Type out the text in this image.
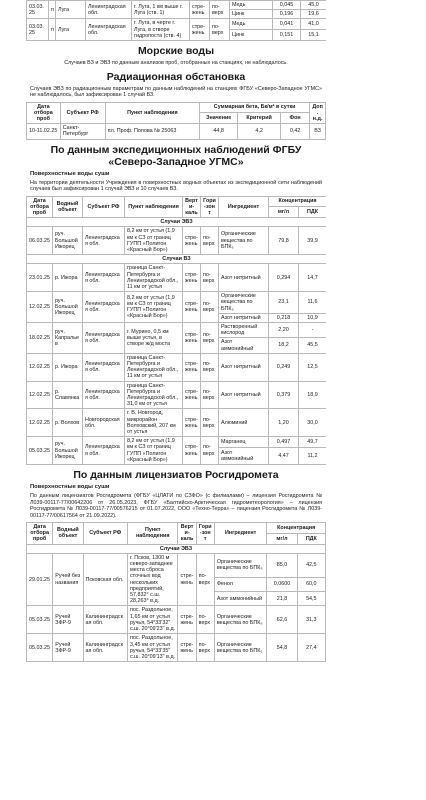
03.03.25	п	Луга	Ленинградская обл.	г. Луга, 1 км выше г. Луга (ств. 1)	стре-жень	по-верх	Медь	0,045	45,0
							Цинк	0,196	19,6
03.03.25	п	Луга	Ленинградская обл.	г. Луга, в черте г. Луга, в створе гидропоста (ств. 4)	стре-жень	по-верх	Медь	0,041	41,0
							Цинк	0,151	15,1
Морские воды
Случаев ВЗ и ЭВЗ по данным анализов проб, отобранных на станциях, не наблюдалось.
Радиационная обстановка
Случаев ЭВЗ по радиационным параметрам по данным наблюдений на станциях ФГБУ «Северо-Западное УГМС» не наблюдалось, был зафиксирован 1 случай ВЗ.
Дата отбора проб	Субъект РФ	Пункт наблюдения	Суммарная бета, Бк/м² в сутки			Доп. н.д.
			Значение	Критерий	Фон	
10-11.02.25	Санкт-Петербург	пл. Проф. Попова № 25063	44,8	4,2	0,42	ВЗ
По данным экспедиционных наблюдений ФГБУ «Северо-Западное УГМС»
Поверхностные воды суши
На территории деятельности Учреждения в поверхностных водных объектах из экспедиционной сети наблюдений случаев был зафиксирован 1 случай ЭВЗ и 10 случаев ВЗ.
Дата отбора проб	Водный объект	Субъект РФ	Пункт наблюдения	Верти-каль	Гори-зонт	Ингредиент	Концентрация	
							мг/л	ПДК
Случаи ЭВЗ								
06.03.25	руч. Большой Ижорец	Ленинградская обл.	8,2 км от устья (1,9 км к СЗ от границ ГУПП «Полигон «Красный Бор»)	стре-жень	по-верх	Органические вещества по БПК₅	79,8	39,9
Случаи ВЗ								
23.01.25	р. Ижора	Ленинградская обл.	граница Санкт-Петербурга и Ленинградской обл., 11 км от устья	стре-жень	по-верх	Азот нитритный	0,294	14,7
12.02.25	руч. Большой Ижорец	Ленинградская обл.	8,2 км от устья (1,9 км к СЗ от границ ГУПП «Полигон «Красный Бор»)	стре-жень	по-верх	Органические вещества по БПК₅	23,1	11,6
						Азот нитритный	0,218	10,9
18.02.25	руч. Капральев	Ленинградская обл.	г. Мурино, 0,5 км выше устья, в створе ж/д моста	стре-жень	по-верх	Растворенный кислород	2,20	-
						Азот аммонийный	18,2	45,5
12.02.25	р. Ижора	Ленинградская обл.	граница Санкт-Петербурга и Ленинградской обл., 11 км от устья	стре-жень	по-верх	Азот нитритный	0,249	12,5
12.02.25	р. Славянка	Ленинградская обл.	граница Санкт-Петербурга и Ленинградской обл., 31,0 км от устья	стре-жень	по-верх	Азот нитритный	0,379	18,9
12.02.25	р. Волхов	Новгородская обл.	г. В. Новгород, микрорайон Волховский, 207 км от устья	стре-жень	по-верх	Алюминий	1,20	30,0
05.03.25	руч. Большой Ижорец	Ленинградская обл.	8,2 км от устья (1,9 км к СЗ от границ ГУПП «Полигон «Красный Бор»)	стре-жень	по-верх	Марганец	0,497	49,7
						Азот аммонийный	4,47	11,2
По данным лицензиатов Росгидромета
Поверхностные воды суши
По данным лицензиатов Росгидромета (ФГБУ «ЦЛАТИ по СЗФО» (с филиалами) – лицензия Росгидромета № Л039-00117-77/00642206 от 26.05.2023, ФГБУ «Балтийско-Арктическая гидрометеорология» – лицензия Росгидромета № Л039-00117-77/00576215 от 01.07.2022, ООО «Техно-Терра» – лицензия Росгидромета № Л039-00117-77/00617564 от 21.09.2022).
Дата отбора проб	Водный объект	Субъект РФ	Пункт наблюдения	Верти-каль	Гори-зонт	Ингредиент	Концентрация	
							мг/л	ПДК
Случаи ЭВЗ								
29.01.25	Ручей без названия	Псковская обл.	г. Псков, 1300 м северо-западнее места сброса сточных вод нескольких предприятий, 57,832° с.ш. 28,263° в.д.	стре-жень	по-верх	Органические вещества по БПК₅	85,0	42,5
						Фенол	0,0600	60,0
						Азот аммонийный	21,8	54,5
05.03.25	Ручей ЗФР-9	Калининградская обл.	пос. Раздольное, 1,65 км от устья ручья, 54°33'32" с.ш. 20°09'23" в.д.	стре-жень	по-верх	Органические вещества по БПК₅	62,6	31,3
05.03.25	Ручей ЗФР-9	Калининградская обл.	пос. Раздольное, 3,45 км от устья ручья, 54°33'35" с.ш. 20°09'13" в.д.	стре-жень	по-верх	Органические вещества по БПК₅	54,8	27,4
